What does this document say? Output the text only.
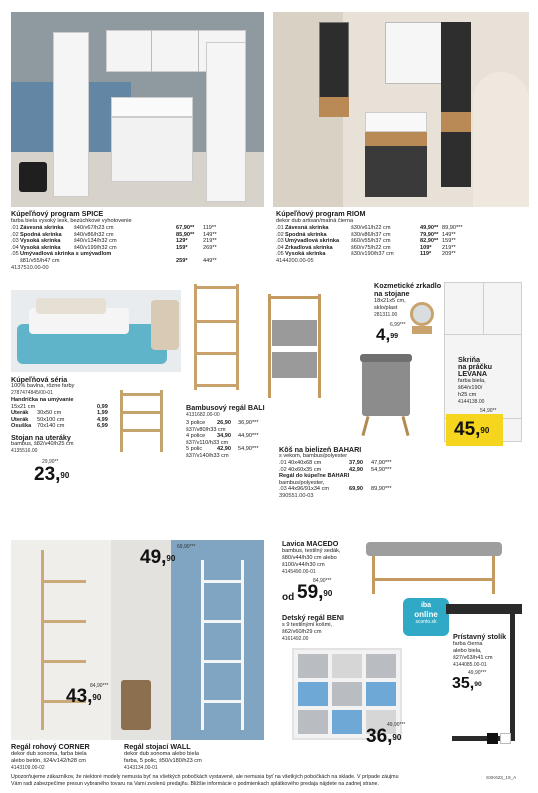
Kúpeľňový program SPICE
farba biela vysoký lesk, bezúchkové vyhotovenie
.01 Závesná skrinka š40/v67/h23 cm	67,90** 119**
.02 Spodná skrinka š40/v86/h32 cm	85,90** 149**
.03 Vysoká skrinka š40/v134/h32 cm	129*	219**
.04 Vysoká skrinka š40/v199/h32 cm	159*	269**
.05 Umývadlová skrinka s umývadlom
š81/v55/h47 cm	259*	449**
4137510.00-00
Kúpeľňový program RIOM
dekor dub artisan/matná čierna
.01 Závesná skrinka	š30/v61/h22 cm	49,90** 89,90***
.02 Spodná skrinka	š30/v86/h37 cm	79,90** 149**
.03 Umývadlová skrinka š60/v55/h37 cm	82,90** 159**
.04 Zrkadlová skrinka	š60/v75/h22 cm	109* 219**
.05 Vysoká skrinka	š30/v190/h37 cm	119* 209**
4144200.00-05
Kúpeľňová séria
100% bavlna, rôzne farby
2787474845/00-01
Handrička na umývanie
15x21 cm	0,99
Uterák 30x50 cm	1,99
Uterák 50x100 cm	4,99
Osuška 70x140 cm	6,99
Stojan na uteráky
bambus, š82/v40/h25 cm
4135516.00
29,90**
23,90
Bambusový regál BALI
4131682.00-00
3 police 26,90 36,90***
š37/v80/h33 cm
4 police 34,90 44,90***
š37/v110/h33 cm
5 polic	42,90 54,90***
š37/v140/h33 cm
Kôš na bielizeň BAHARI
s vekom, bambus/polyester
.01 40x40x68 cm	37,90 47,90***
.02 40x60x35 cm	42,90 54,90***
Regál do kúpeľne BAHARI
bambus/polyester,
.03 44x96/91x34 cm	69,90 89,90***
390551.00-03
Kozmetické zrkadlo na stojane
18x21x5 cm,
sklo/plast
281311.00
6,99***
4,99
Skriňa
na práčku
LEVANA
farba biela,
š64/v190/
h25 cm
4144138.00
54,90**
45,90
69,90***
49,90
84,90***
43,90
Regál rohový CORNER
dekor dub sonoma, farba biela
alebo betón, š24/v142/h28 cm
4143109.00-02
Regál stojací WALL
dekor dub sonoma alebo biela
farba, 5 polic, š50/v180/h23 cm
4143134.00-01
Lavica MACEDO
bambus, textilný sedák,
š80/v44/h30 cm alebo
š100/v44/h30 cm
4145490.00-01
84,90***
od 59,90
Detský regál BENI
s 9 textilnými košmi,
š62/v60/h29 cm
4161492.00
iba
online
sconto.sk
49,90***
36,90
Prístavný stolík
farba čierna
alebo biela,
š27/v63/h41 cm
4144085.00-01
49,90***
35,90
Upozorňujeme zákazníkov, že niektoré modely nemusia byť na všetkých pobočkách vystavené, ale nemusia byť na všetkých pobočkách na sklade. V prípade záujmu
Vám radi zabezpečíme presun vybraného tovaru na Vami zvolenú predajňu. Bližšie informácie o podmienkach splátkového predaja nájdete na zadnej strane.
SSK623_19_A
